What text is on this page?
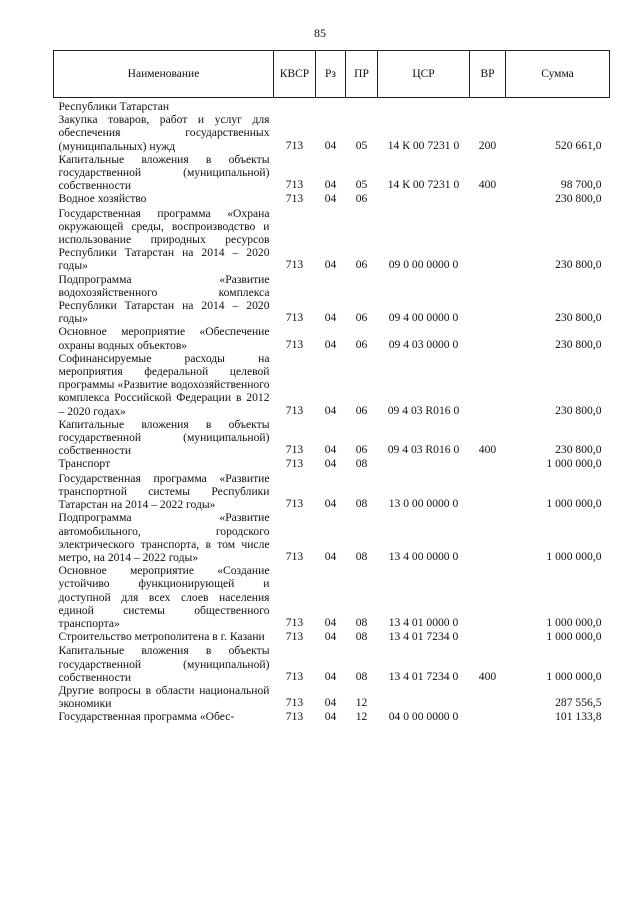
85
Наименование	КВСР	Рз	ПР	ЦСР	ВР	Сумма
Республики Татарстан						
Закупка товаров, работ и услуг для обеспечения государственных (муниципальных) нужд	713	04	05	14 К 00 7231 0	200	520 661,0
Капитальные вложения в объекты государственной (муниципальной) собственности	713	04	05	14 К 00 7231 0	400	98 700,0
Водное хозяйство	713	04	06			230 800,0
Государственная программа «Охрана окружающей среды, воспроизводство и использование природных ресурсов Республики Татарстан на 2014 – 2020 годы»	713	04	06	09 0 00 0000 0		230 800,0
Подпрограмма «Развитие водохозяйственного комплекса Республики Татарстан на 2014 – 2020 годы»	713	04	06	09 4 00 0000 0		230 800,0
Основное мероприятие «Обеспечение охраны водных объектов»	713	04	06	09 4 03 0000 0		230 800,0
Софинансируемые расходы на мероприятия федеральной целевой программы «Развитие водохозяйственного комплекса Российской Федерации в 2012 – 2020 годах»	713	04	06	09 4 03 R016 0		230 800,0
Капитальные вложения в объекты государственной (муниципальной) собственности	713	04	06	09 4 03 R016 0	400	230 800,0
Транспорт	713	04	08			1 000 000,0
Государственная программа «Развитие транспортной системы Республики Татарстан на 2014 – 2022 годы»	713	04	08	13 0 00 0000 0		1 000 000,0
Подпрограмма «Развитие автомобильного, городского электрического транспорта, в том числе метро, на 2014 – 2022 годы»	713	04	08	13 4 00 0000 0		1 000 000,0
Основное мероприятие «Создание устойчиво функционирующей и доступной для всех слоев населения единой системы общественного транспорта»	713	04	08	13 4 01 0000 0		1 000 000,0
Строительство метрополитена в г. Казани	713	04	08	13 4 01 7234 0		1 000 000,0
Капитальные вложения в объекты государственной (муниципальной) собственности	713	04	08	13 4 01 7234 0	400	1 000 000,0
Другие вопросы в области национальной экономики	713	04	12			287 556,5
Государственная программа «Обес-	713	04	12	04 0 00 0000 0		101 133,8
